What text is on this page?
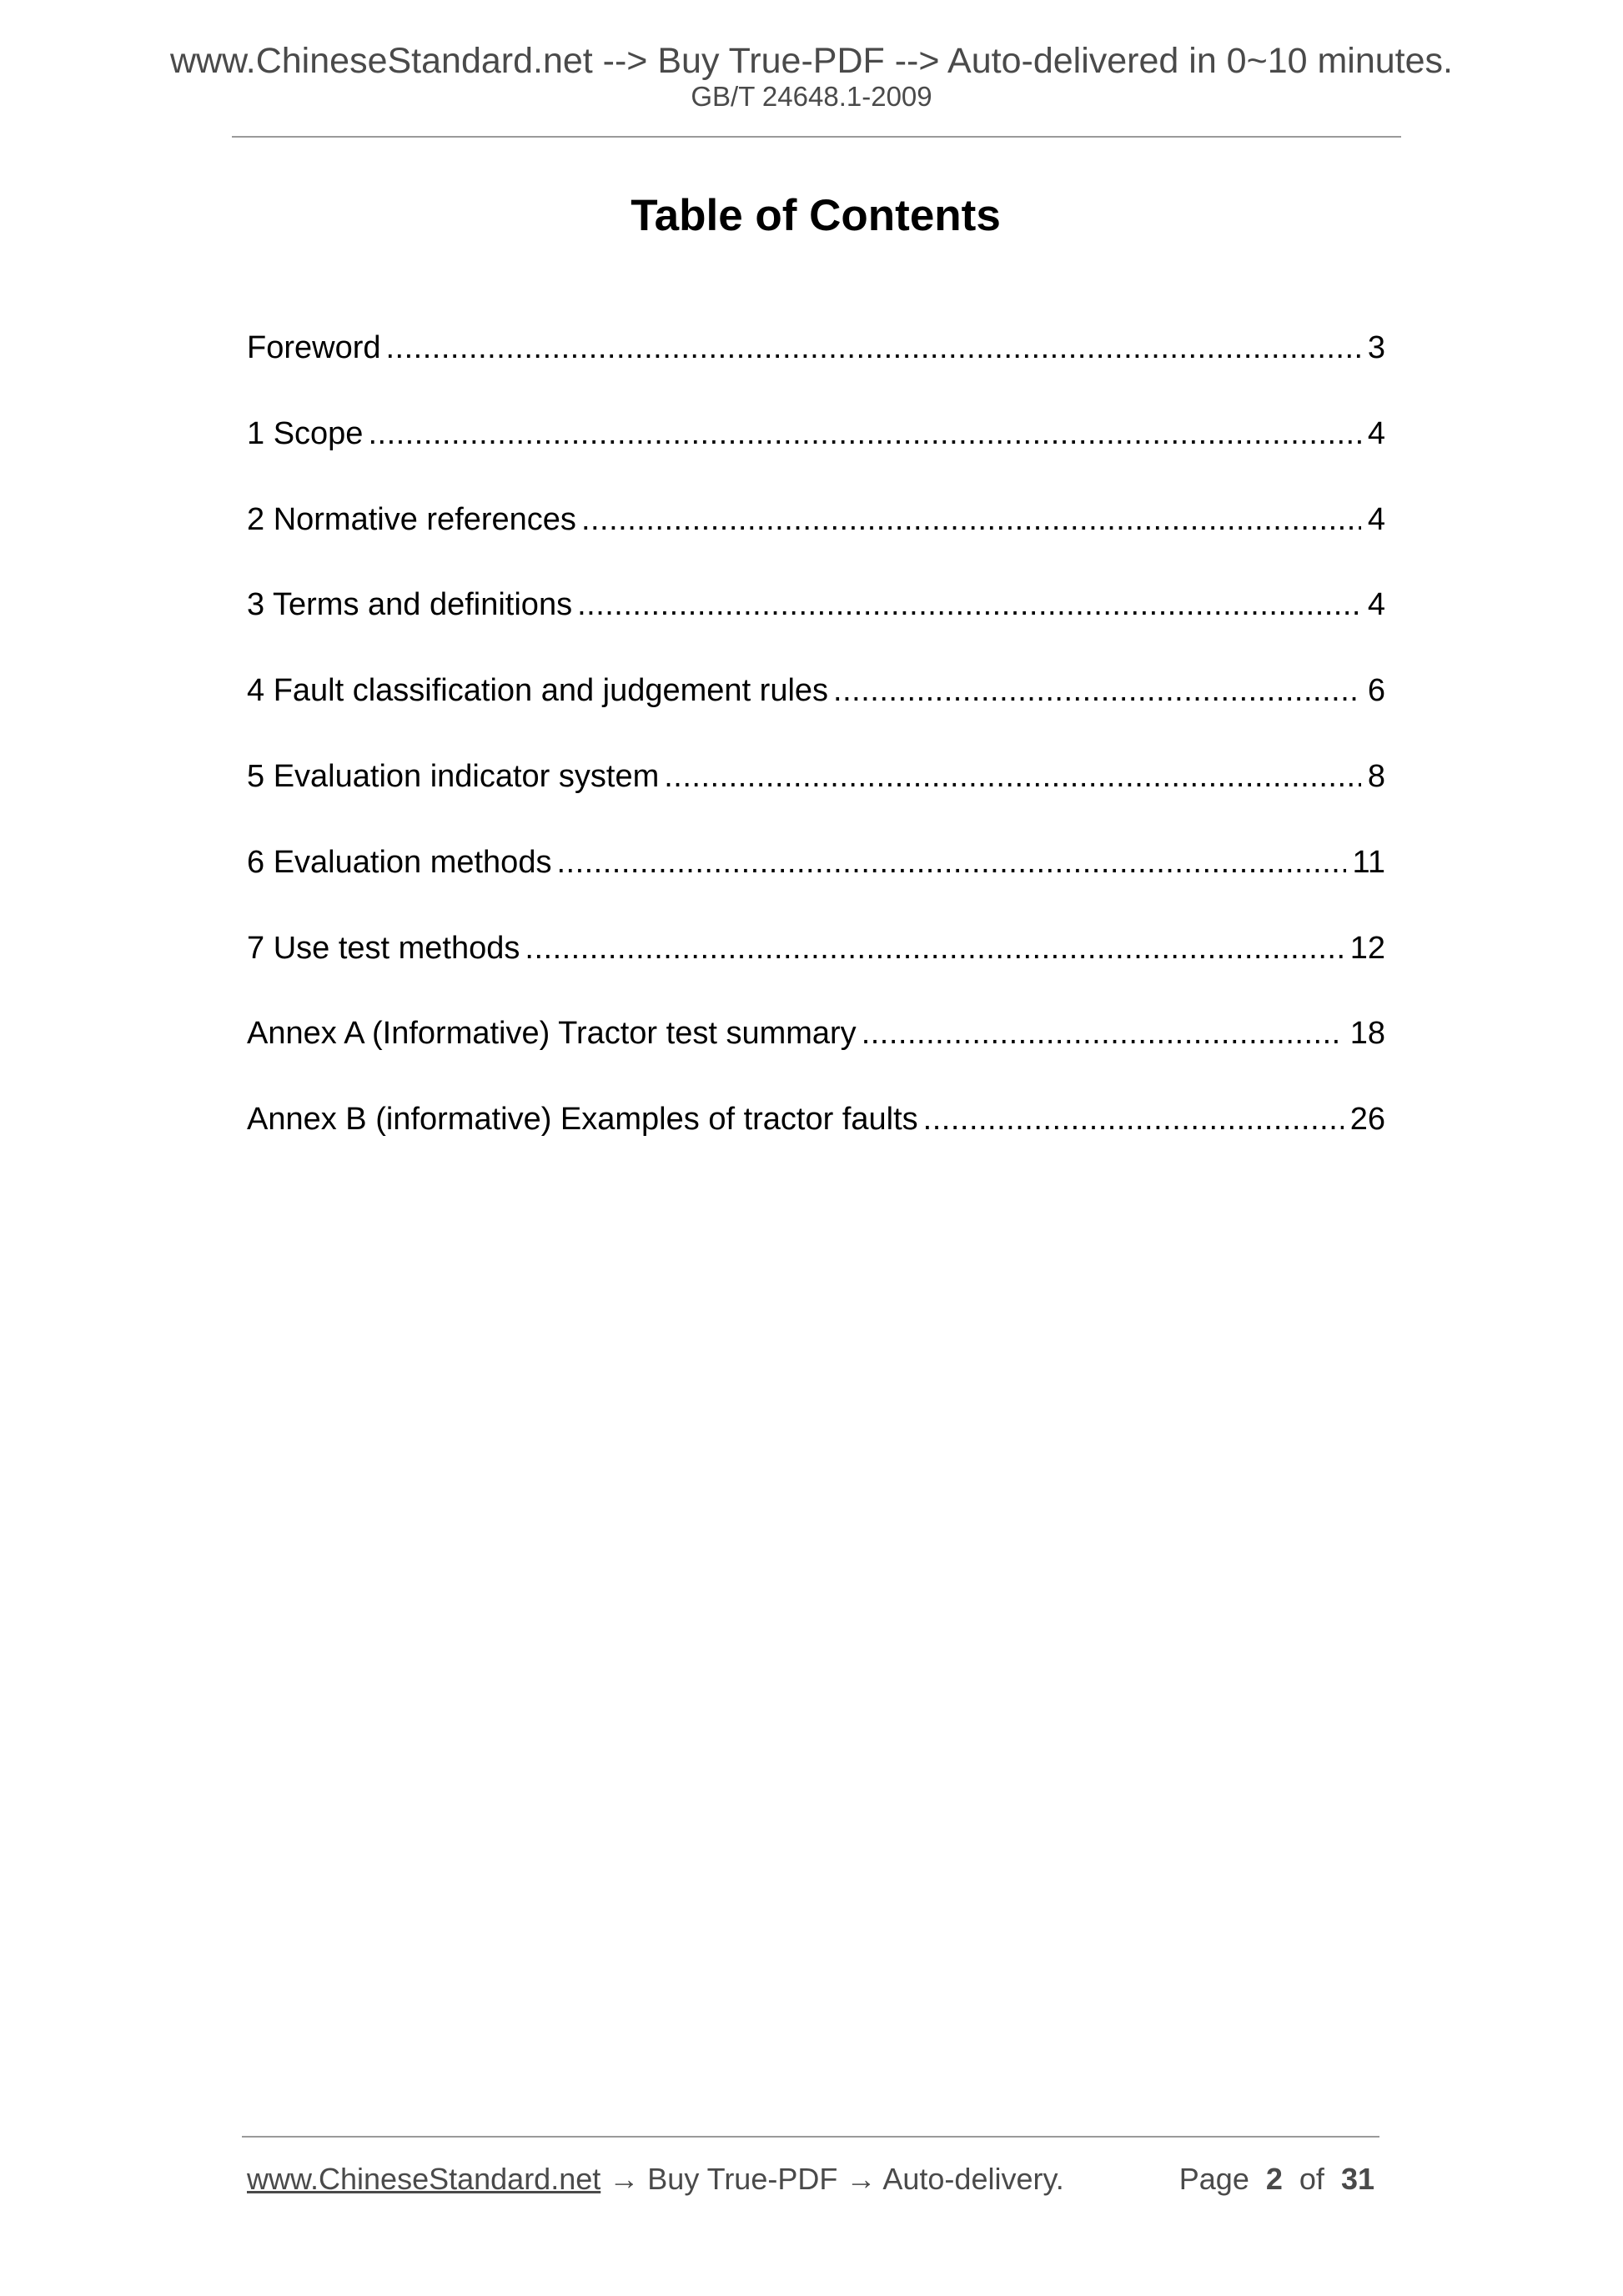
www.ChineseStandard.net --> Buy True-PDF --> Auto-delivered in 0~10 minutes.
GB/T 24648.1-2009
Table of Contents
Foreword .....	3
1 Scope .....	4
2 Normative references .....	4
3 Terms and definitions .....	4
4 Fault classification and judgement rules .....	6
5 Evaluation indicator system .....	8
6 Evaluation methods .....	11
7 Use test methods .....	12
Annex A (Informative) Tractor test summary .....	18
Annex B (informative) Examples of tractor faults .....	26
www.ChineseStandard.net → Buy True-PDF → Auto-delivery.	Page 2 of 31
